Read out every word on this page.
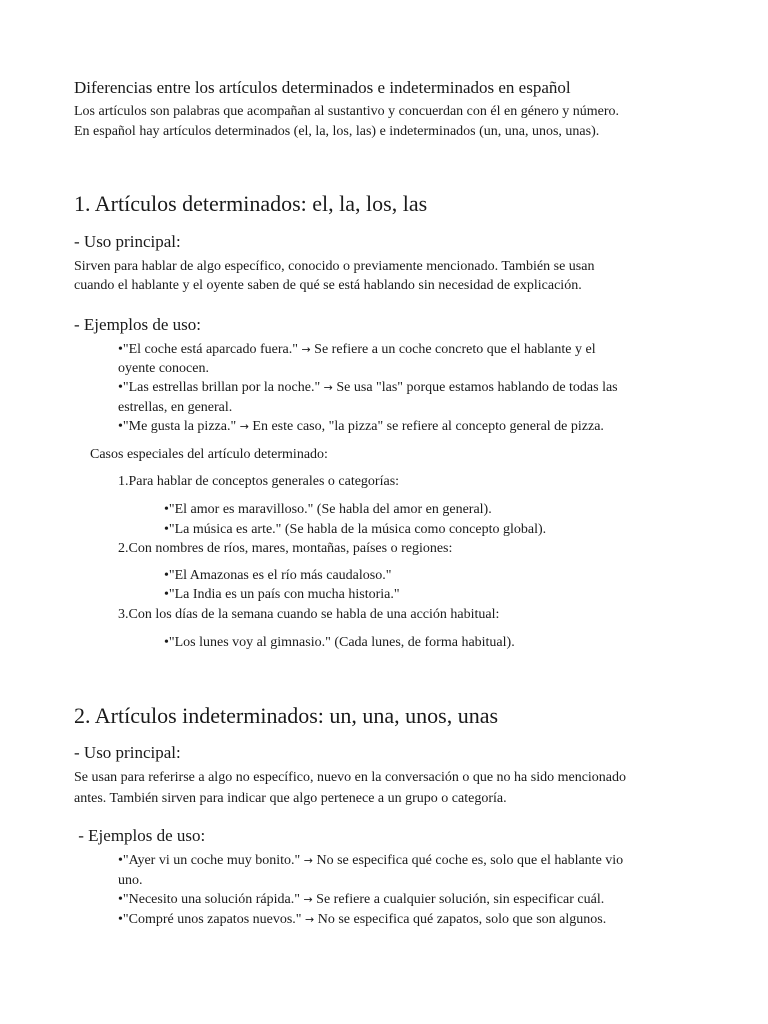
Diferencias entre los artículos determinados e indeterminados en español
Los artículos son palabras que acompañan al sustantivo y concuerdan con él en género y número.
En español hay artículos determinados (el, la, los, las) e indeterminados (un, una, unos, unas).
1. Artículos determinados: el, la, los, las
- Uso principal:
Sirven para hablar de algo específico, conocido o previamente mencionado. También se usan
cuando el hablante y el oyente saben de qué se está hablando sin necesidad de explicación.
- Ejemplos de uso:
•"El coche está aparcado fuera." → Se refiere a un coche concreto que el hablante y el
oyente conocen.
•"Las estrellas brillan por la noche." → Se usa "las" porque estamos hablando de todas las
estrellas, en general.
•"Me gusta la pizza." → En este caso, "la pizza" se refiere al concepto general de pizza.
Casos especiales del artículo determinado:
1.Para hablar de conceptos generales o categorías:
•"El amor es maravilloso." (Se habla del amor en general).
•"La música es arte." (Se habla de la música como concepto global).
2.Con nombres de ríos, mares, montañas, países o regiones:
•"El Amazonas es el río más caudaloso."
•"La India es un país con mucha historia."
3.Con los días de la semana cuando se habla de una acción habitual:
•"Los lunes voy al gimnasio." (Cada lunes, de forma habitual).
2. Artículos indeterminados: un, una, unos, unas
- Uso principal:
Se usan para referirse a algo no específico, nuevo en la conversación o que no ha sido mencionado
antes. También sirven para indicar que algo pertenece a un grupo o categoría.
- Ejemplos de uso:
•"Ayer vi un coche muy bonito." → No se especifica qué coche es, solo que el hablante vio
uno.
•"Necesito una solución rápida." → Se refiere a cualquier solución, sin especificar cuál.
•"Compré unos zapatos nuevos." → No se especifica qué zapatos, solo que son algunos.
